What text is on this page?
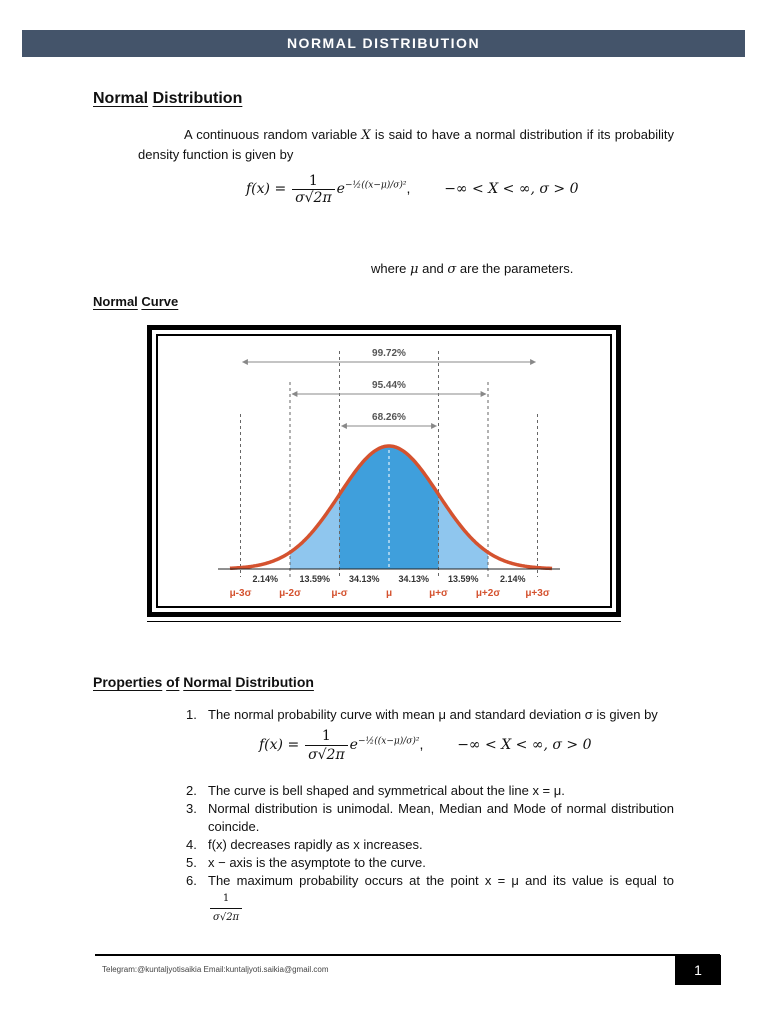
NORMAL DISTRIBUTION
Normal Distribution

A continuous random variable X is said to have a normal distribution if its probability density function is given by

$f(x) = \frac{1}{\sigma√2\pi} e^{-\frac{1}{2}((x-\mu)/\sigma)^2}$,  −∞ < X < ∞, σ > 0
where μ and σ are the parameters.
Normal Curve
99.72%
95.44%
68.26%
2.14% 13.59% 34.13% 34.13% 13.59% 2.14%
μ-3σ	μ-2σ	μ-σ	μ	μ+σ	μ+2σ	μ+3σ
Properties of Normal Distribution
1. The normal probability curve with mean μ and standard deviation σ is given by
$f(x) = \frac{1}{\sigma√2\pi} e^{-\frac{1}{2}((x-\mu)/\sigma)^2}$,  −∞ < X < ∞, σ > 0
2. The curve is bell shaped and symmetrical about the line x = μ.
3. Normal distribution is unimodal. Mean, Median and Mode of normal distribution coincide.
4. f(x) decreases rapidly as x increases.
5. x − axis is the asymptote to the curve.
6. The maximum probability occurs at the point x = μ and its value is equal to
$\frac{1}{\sigma√2\pi}$
Telegram:@kuntaljyotisaikia Email:kuntaljyoti.saikia@gmail.com	1
